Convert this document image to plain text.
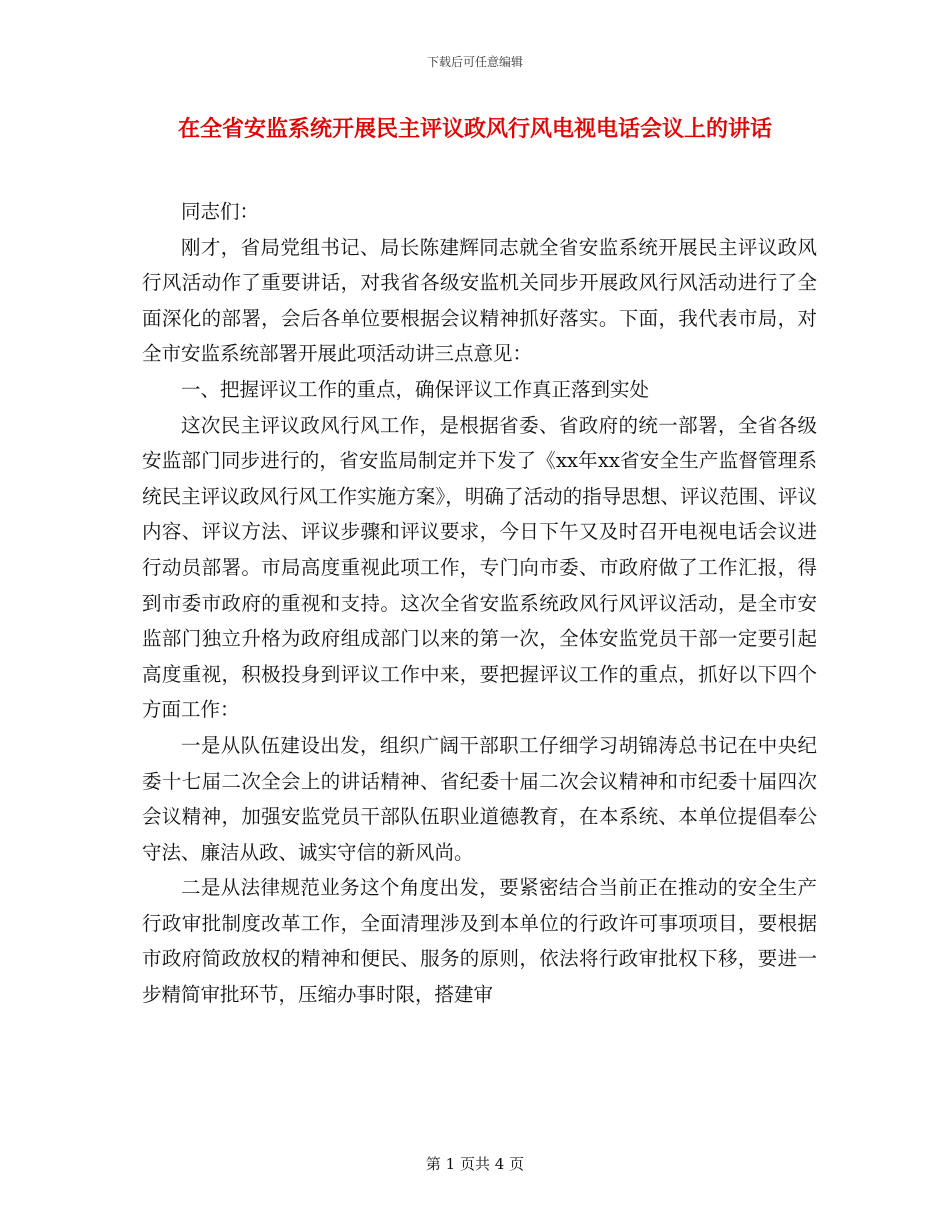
下载后可任意编辑
在全省安监系统开展民主评议政风行风电视电话会议上的讲话

同志们：

刚才，省局党组书记、局长陈建辉同志就全省安监系统开展民主评议政风行风活动作了重要讲话，对我省各级安监机关同步开展政风行风活动进行了全面深化的部署，会后各单位要根据会议精神抓好落实。下面，我代表市局，对全市安监系统部署开展此项活动讲三点意见：

一、把握评议工作的重点，确保评议工作真正落到实处

这次民主评议政风行风工作，是根据省委、省政府的统一部署，全省各级安监部门同步进行的，省安监局制定并下发了《xx年xx省安全生产监督管理系统民主评议政风行风工作实施方案》，明确了活动的指导思想、评议范围、评议内容、评议方法、评议步骤和评议要求，今日下午又及时召开电视电话会议进行动员部署。市局高度重视此项工作，专门向市委、市政府做了工作汇报，得到市委市政府的重视和支持。这次全省安监系统政风行风评议活动，是全市安监部门独立升格为政府组成部门以来的第一次，全体安监党员干部一定要引起高度重视，积极投身到评议工作中来，要把握评议工作的重点，抓好以下四个方面工作：

一是从队伍建设出发，组织广阔干部职工仔细学习胡锦涛总书记在中央纪委十七届二次全会上的讲话精神、省纪委十届二次会议精神和市纪委十届四次会议精神，加强安监党员干部队伍职业道德教育，在本系统、本单位提倡奉公守法、廉洁从政、诚实守信的新风尚。

二是从法律规范业务这个角度出发，要紧密结合当前正在推动的安全生产行政审批制度改革工作，全面清理涉及到本单位的行政许可事项项目，要根据市政府简政放权的精神和便民、服务的原则，依法将行政审批权下移，要进一步精简审批环节，压缩办事时限，搭建审

第 1 页共 4 页
